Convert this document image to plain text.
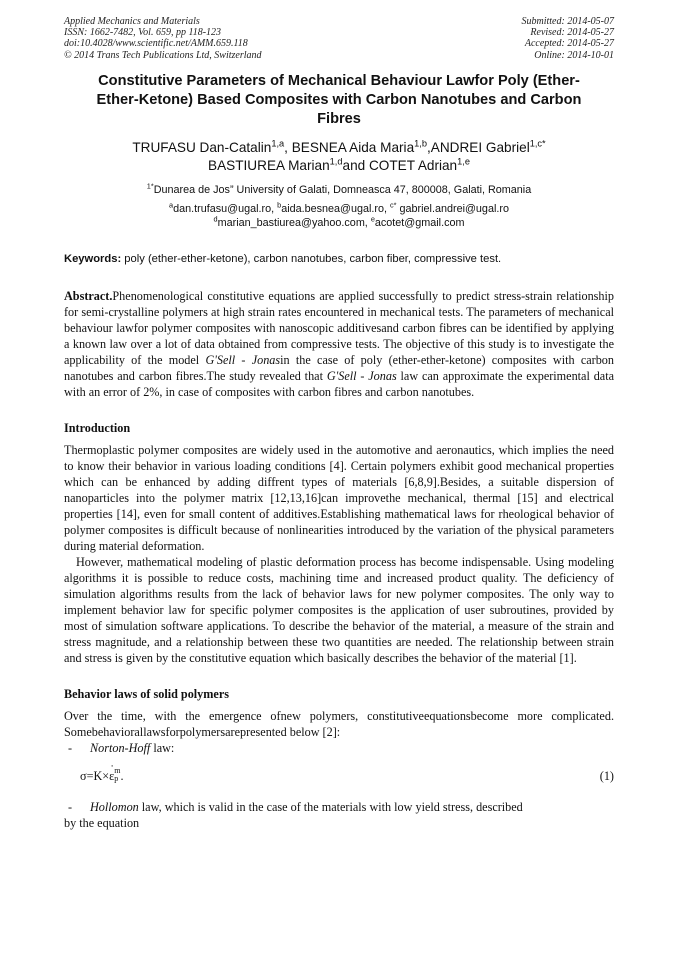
Applied Mechanics and Materials
ISSN: 1662-7482, Vol. 659, pp 118-123
doi:10.4028/www.scientific.net/AMM.659.118
© 2014 Trans Tech Publications Ltd, Switzerland
Submitted: 2014-05-07
Revised: 2014-05-27
Accepted: 2014-05-27
Online: 2014-10-01
Constitutive Parameters of Mechanical Behaviour Lawfor Poly (Ether-
Ether-Ketone) Based Composites with Carbon Nanotubes and Carbon
Fibres
TRUFASU Dan-Catalin$^{1,a}$, BESNEA Aida Maria$^{1,b}$,ANDREI Gabriel$^{1,c*}$
BASTIUREA Marian$^{1,d}$and COTET Adrian$^{1,e}$
$^{1*}$Dunarea de Jos” University of Galati, Domneasca 47, 800008, Galati, Romania
$^a$dan.trufasu@ugal.ro, $^b$aida.besnea@ugal.ro, $^{c*}$ gabriel.andrei@ugal.ro
$^d$marian_bastiurea@yahoo.com, $^e$acotet@gmail.com
Keywords: poly (ether-ether-ketone), carbon nanotubes, carbon fiber, compressive test.
Abstract.Phenomenological constitutive equations are applied successfully to predict stress-strain relationship for semi-crystalline polymers at high strain rates encountered in mechanical tests. The parameters of mechanical behaviour lawfor polymer composites with nanoscopic additivesand carbon fibres can be identified by applying a known law over a lot of data obtained from compressive tests. The objective of this study is to investigate the applicability of the model G'Sell - Jonasin the case of poly (ether-ether-ketone) composites with carbon nanotubes and carbon fibres.The study revealed that G'Sell - Jonas law can approximate the experimental data with an error of 2%, in case of composites with carbon fibres and carbon nanotubes.
Introduction

Thermoplastic polymer composites are widely used in the automotive and aeronautics, which implies the need to know their behavior in various loading conditions [4]. Certain polymers exhibit good mechanical properties which can be enhanced by adding diffrent types of materials [6,8,9].Besides, a suitable dispersion of nanoparticles into the polymer matrix [12,13,16]can improvethe mechanical, thermal [15] and electrical properties [14], even for small content of additives.Establishing mathematical laws for rheological behavior of polymer composites is difficult because of nonlinearities introduced by the variation of the physical parameters during material deformation.

However, mathematical modeling of plastic deformation process has become indispensable. Using modeling algorithms it is possible to reduce costs, machining time and increased product quality. The deficiency of simulation algorithms results from the lack of behavior laws for new polymer composites. The only way to implement behavior law for specific polymer composites is the application of user subroutines, provided by most of simulation software applications. To describe the behavior of the material, a measure of the strain and stress magnitude, and a relationship between these two quantities are needed. The relationship between strain and stress is given by the constitutive equation which basically describes the behavior of the material [1].

Behavior laws of solid polymers

Over the time, with the emergence ofnew polymers, constitutiveequationsbecome more complicated. Somebehaviorallawsforpolymersarepresented below [2]:

-	Norton-Hoff law:
σ=K×˙ ε m
p .	(1)
-	Hollomon law, which is valid in the case of the materials with low yield stress, described

by the equation
